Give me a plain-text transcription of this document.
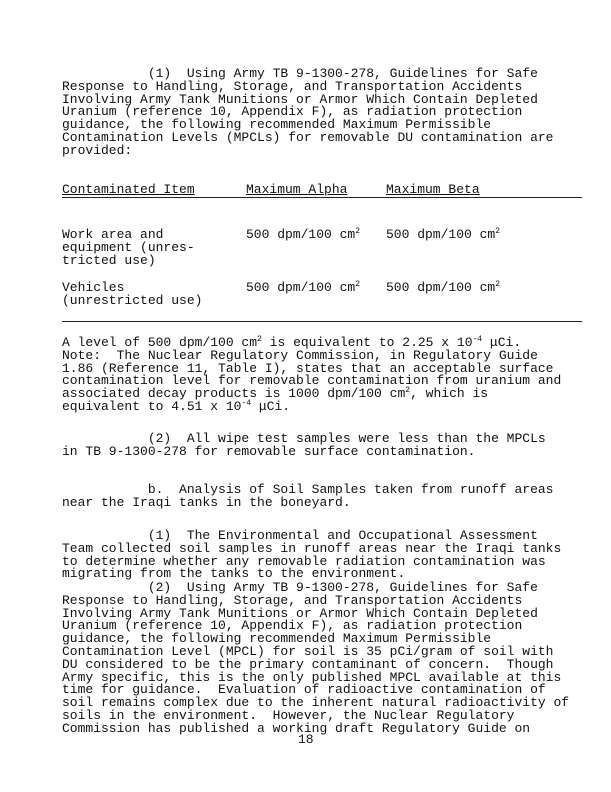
(1)  Using Army TB 9-1300-278, Guidelines for Safe
Response to Handling, Storage, and Transportation Accidents
Involving Army Tank Munitions or Armor Which Contain Depleted
Uranium (reference 10, Appendix F), as radiation protection
guidance, the following recommended Maximum Permissible
Contamination Levels (MPCLs) for removable DU contamination are
provided:

Contaminated Item	Maximum Alpha	Maximum Beta
Work area and
equipment (unres-
tricted use)
500 dpm/100 $cm^2$ 500 dpm/100 $cm^2$
Vehicles
(unrestricted use)
500 dpm/100 $cm^2$ 500 dpm/100 $cm^2$
A level of 500 dpm/100 $cm^2$ is equivalent to 2.25 x $10^{-4}$ μCi.
Note:  The Nuclear Regulatory Commission, in Regulatory Guide
1.86 (Reference 11, Table I), states that an acceptable surface
contamination level for removable contamination from uranium and
associated decay products is 1000 dpm/100 $cm^2$, which is
equivalent to 4.51 x $10^{-4}$ μCi.

(2)  All wipe test samples were less than the MPCLs
in TB 9-1300-278 for removable surface contamination.

b.  Analysis of Soil Samples taken from runoff areas
near the Iraqi tanks in the boneyard.

(1)  The Environmental and Occupational Assessment
Team collected soil samples in runoff areas near the Iraqi tanks
to determine whether any removable radiation contamination was
migrating from the tanks to the environment.

(2)  Using Army TB 9-1300-278, Guidelines for Safe
Response to Handling, Storage, and Transportation Accidents
Involving Army Tank Munitions or Armor Which Contain Depleted
Uranium (reference 10, Appendix F), as radiation protection
guidance, the following recommended Maximum Permissible
Contamination Level (MPCL) for soil is 35 pCi/gram of soil with
DU considered to be the primary contaminant of concern.  Though
Army specific, this is the only published MPCL available at this
time for guidance.  Evaluation of radioactive contamination of
soil remains complex due to the inherent natural radioactivity of
soils in the environment.  However, the Nuclear Regulatory
Commission has published a working draft Regulatory Guide on

18
